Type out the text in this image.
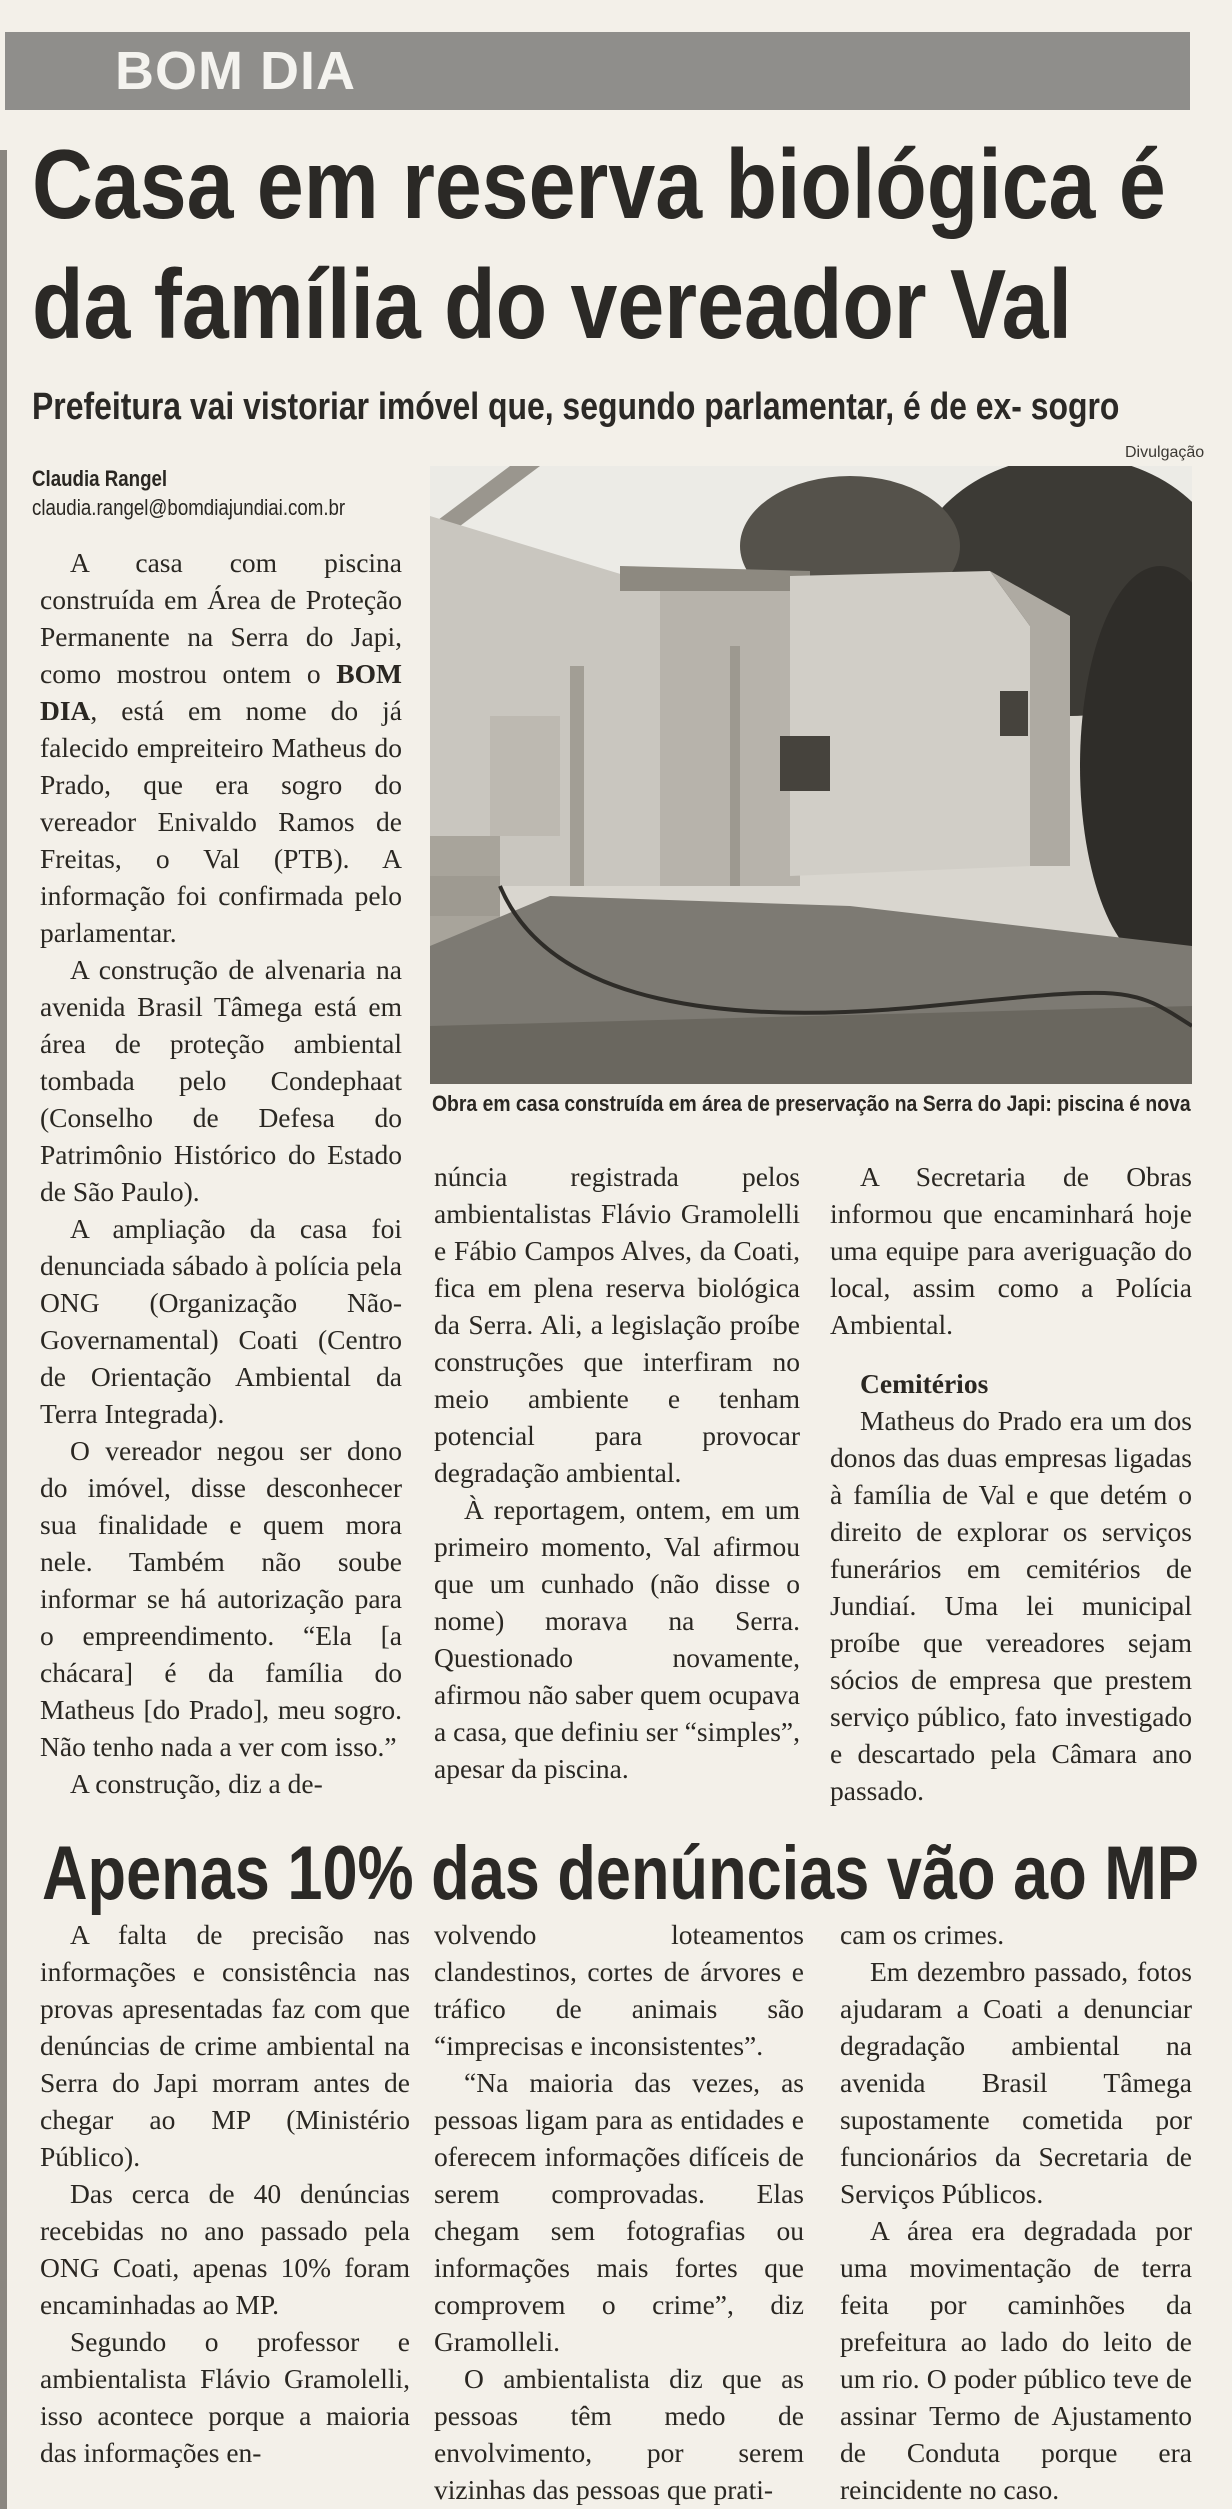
BOM DIA
Casa em reserva biológica é
da família do vereador Val
Prefeitura vai vistoriar imóvel que, segundo parlamentar, é de ex- sogro
Claudia Rangel
claudia.rangel@bomdiajundiai.com.br
Divulgação
Obra em casa construída em área de preservação na Serra do Japi: piscina é nova

A casa com piscina construída em Área de Proteção Permanente na Serra do Japi, como mostrou ontem o BOM DIA, está em nome do já falecido empreiteiro Matheus do Prado, que era sogro do vereador Enivaldo Ramos de Freitas, o Val (PTB). A informação foi confirmada pelo parlamentar.

A construção de alvenaria na avenida Brasil Tâmega está em área de proteção ambiental tombada pelo Condephaat (Conselho de Defesa do Patrimônio Histórico do Estado de São Paulo).

A ampliação da casa foi denunciada sábado à polícia pela ONG (Organização Não-Governamental) Coati (Centro de Orientação Ambiental da Terra Integrada).

O vereador negou ser dono do imóvel, disse desconhecer sua finalidade e quem mora nele. Também não soube informar se há autorização para o empreendimento. “Ela [a chácara] é da família do Matheus [do Prado], meu sogro. Não tenho nada a ver com isso.”

A construção, diz a de-

núncia registrada pelos ambientalistas Flávio Gramolelli e Fábio Campos Alves, da Coati, fica em plena reserva biológica da Serra. Ali, a legislação proíbe construções que interfiram no meio ambiente e tenham potencial para provocar degradação ambiental.

À reportagem, ontem, em um primeiro momento, Val afirmou que um cunhado (não disse o nome) morava na Serra. Questionado novamente, afirmou não saber quem ocupava a casa, que definiu ser “simples”, apesar da piscina.

A Secretaria de Obras informou que encaminhará hoje uma equipe para averiguação do local, assim como a Polícia Ambiental.

Cemitérios

Matheus do Prado era um dos donos das duas empresas ligadas à família de Val e que detém o direito de explorar os serviços funerários em cemitérios de Jundiaí. Uma lei municipal proíbe que vereadores sejam sócios de empresa que prestem serviço público, fato investigado e descartado pela Câmara ano passado.

Apenas 10% das denúncias vão ao MP

A falta de precisão nas informações e consistência nas provas apresentadas faz com que denúncias de crime ambiental na Serra do Japi morram antes de chegar ao MP (Ministério Público).

Das cerca de 40 denúncias recebidas no ano passado pela ONG Coati, apenas 10% foram encaminhadas ao MP.

Segundo o professor e ambientalista Flávio Gramolelli, isso acontece porque a maioria das informações en-

volvendo loteamentos clandestinos, cortes de árvores e tráfico de animais são “imprecisas e inconsistentes”.

“Na maioria das vezes, as pessoas ligam para as entidades e oferecem informações difíceis de serem comprovadas. Elas chegam sem fotografias ou informações mais fortes que comprovem o crime”, diz Gramolleli.

O ambientalista diz que as pessoas têm medo de envolvimento, por serem vizinhas das pessoas que prati-

cam os crimes.

Em dezembro passado, fotos ajudaram a Coati a denunciar degradação ambiental na avenida Brasil Tâmega supostamente cometida por funcionários da Secretaria de Serviços Públicos.

A área era degradada por uma movimentação de terra feita por caminhões da prefeitura ao lado do leito de um rio. O poder público teve de assinar Termo de Ajustamento de Conduta porque era reincidente no caso.
